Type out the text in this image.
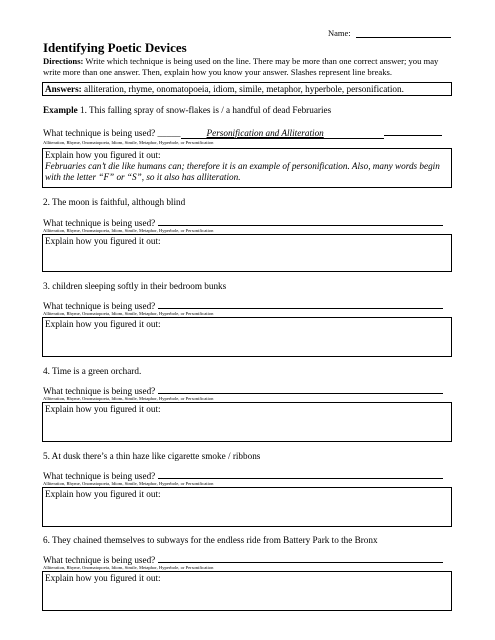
Name:
Identifying Poetic Devices
Directions: Write which technique is being used on the line. There may be more than one correct answer; you may write more than one answer. Then, explain how you know your answer. Slashes represent line breaks.
Answers: alliteration, rhyme, onomatopoeia, idiom, simile, metaphor, hyperbole, personification.
Example 1. This falling spray of snow-flakes is / a handful of dead Februaries
What technique is being used? _____	Personification and Alliteration
Alliteration, Rhyme, Onomatopoeia, Idiom, Simile, Metaphor, Hyperbole, or Personification
Explain how you figured it out:
Februaries can’t die like humans can; therefore it is an example of personification. Also, many words begin with the letter “F” or “S”, so it also has alliteration.
2. The moon is faithful, although blind
What technique is being used?
Alliteration, Rhyme, Onomatopoeia, Idiom, Simile, Metaphor, Hyperbole, or Personification
Explain how you figured it out:
3. children sleeping softly in their bedroom bunks
What technique is being used?
Alliteration, Rhyme, Onomatopoeia, Idiom, Simile, Metaphor, Hyperbole, or Personification
Explain how you figured it out:
4. Time is a green orchard.
What technique is being used?
Alliteration, Rhyme, Onomatopoeia, Idiom, Simile, Metaphor, Hyperbole, or Personification
Explain how you figured it out:
5. At dusk there’s a thin haze like cigarette smoke / ribbons
What technique is being used?
Alliteration, Rhyme, Onomatopoeia, Idiom, Simile, Metaphor, Hyperbole, or Personification
Explain how you figured it out:
6. They chained themselves to subways for the endless ride from Battery Park to the Bronx
What technique is being used?
Alliteration, Rhyme, Onomatopoeia, Idiom, Simile, Metaphor, Hyperbole, or Personification
Explain how you figured it out:
